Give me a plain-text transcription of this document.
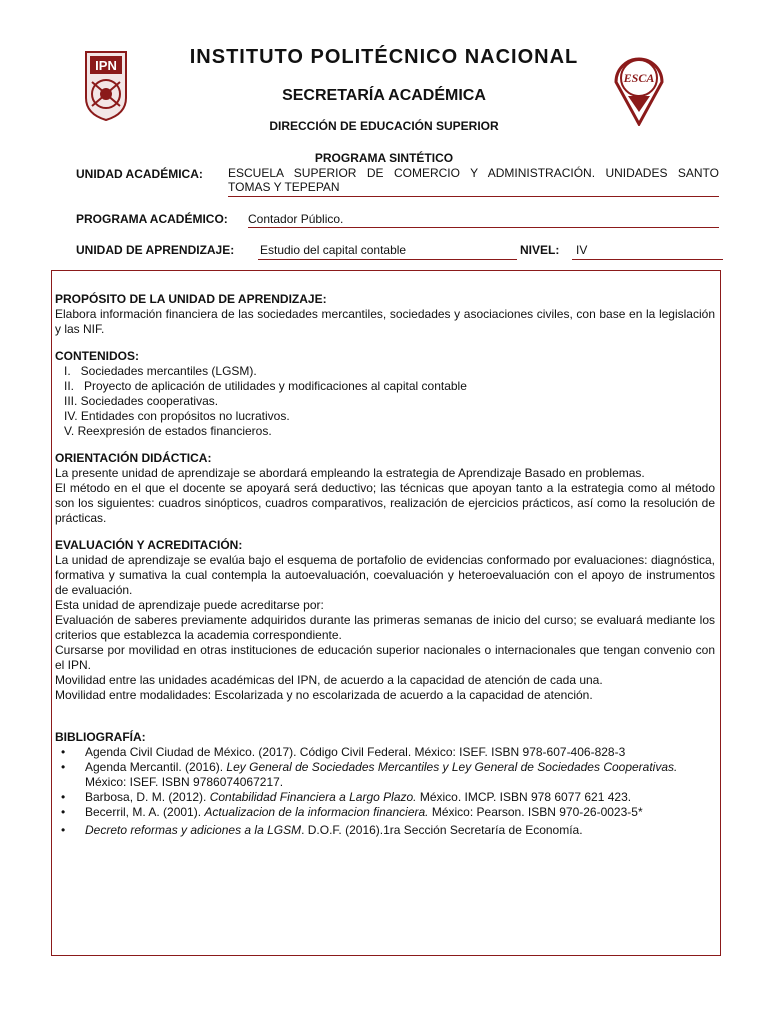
IPN
ESCA
INSTITUTO POLITÉCNICO NACIONAL
SECRETARÍA ACADÉMICA
DIRECCIÓN DE EDUCACIÓN SUPERIOR
PROGRAMA SINTÉTICO
UNIDAD ACADÉMICA: ESCUELA SUPERIOR DE COMERCIO Y ADMINISTRACIÓN. UNIDADES SANTO
TOMAS Y TEPEPAN
PROGRAMA ACADÉMICO: Contador Público.
UNIDAD DE APRENDIZAJE: Estudio del capital contable	NIVEL:	IV
PROPÓSITO DE LA UNIDAD DE APRENDIZAJE:

Elabora información financiera de las sociedades mercantiles, sociedades y asociaciones civiles, con base en la legislación y las NIF.

CONTENIDOS:
I.   Sociedades mercantiles (LGSM).
II.   Proyecto de aplicación de utilidades y modificaciones al capital contable
III. Sociedades cooperativas.
IV. Entidades con propósitos no lucrativos.
V. Reexpresión de estados financieros.
ORIENTACIÓN DIDÁCTICA:

La presente unidad de aprendizaje se abordará empleando la estrategia de Aprendizaje Basado en problemas.

El método en el que el docente se apoyará será deductivo; las técnicas que apoyan tanto a la estrategia como al método son los siguientes: cuadros sinópticos, cuadros comparativos, realización de ejercicios prácticos, así como la resolución de prácticas.

EVALUACIÓN Y ACREDITACIÓN:

La unidad de aprendizaje se evalúa bajo el esquema de portafolio de evidencias conformado por evaluaciones: diagnóstica, formativa y sumativa la cual contempla la autoevaluación, coevaluación y heteroevaluación con el apoyo de instrumentos de evaluación.

Esta unidad de aprendizaje puede acreditarse por:

Evaluación de saberes previamente adquiridos durante las primeras semanas de inicio del curso; se evaluará mediante los criterios que establezca la academia correspondiente.

Cursarse por movilidad en otras instituciones de educación superior nacionales o internacionales que tengan convenio con el IPN.

Movilidad entre las unidades académicas del IPN, de acuerdo a la capacidad de atención de cada una.

Movilidad entre modalidades: Escolarizada y no escolarizada de acuerdo a la capacidad de atención.

BIBLIOGRAFÍA:
• Agenda Civil Ciudad de México. (2017). Código Civil Federal. México: ISEF. ISBN 978-607-406-828-3
• Agenda Mercantil. (2016). Ley General de Sociedades Mercantiles y Ley General de Sociedades Cooperativas. México: ISEF. ISBN 9786074067217.
• Barbosa, D. M. (2012). Contabilidad Financiera a Largo Plazo. México. IMCP. ISBN 978 6077 621 423.
• Becerril, M. A. (2001). Actualizacion de la informacion financiera. México: Pearson. ISBN 970-26-0023-5*
• Decreto reformas y adiciones a la LGSM. D.O.F. (2016).1ra Sección Secretaría de Economía.
